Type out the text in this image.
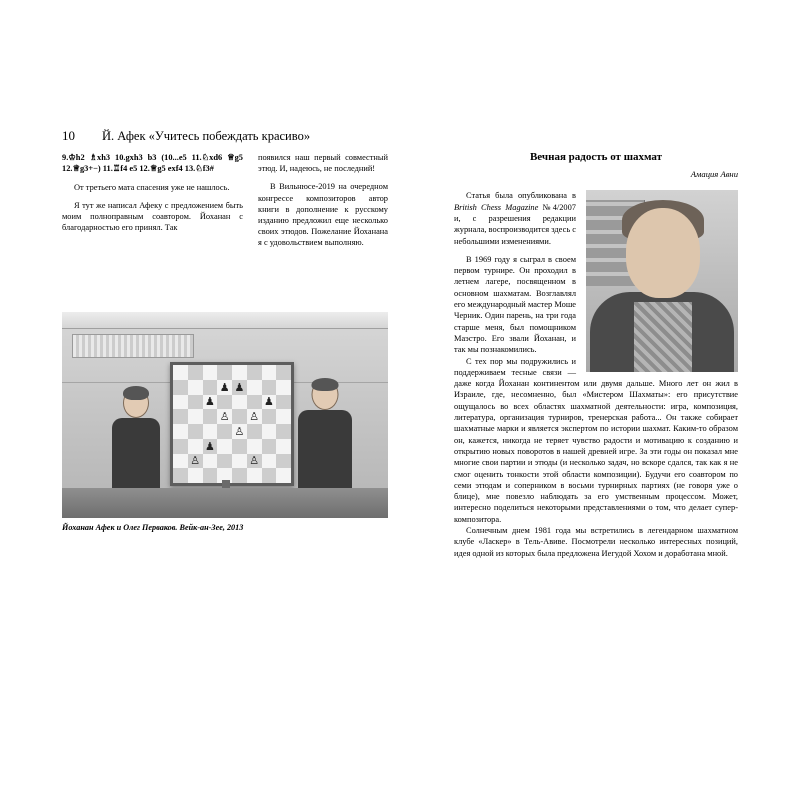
10	Й. Афек «Учитесь побеждать красиво»
9.♔h2 ♗xh3 10.gxh3 b3 (10...e5 11.♘xd6 ♕g5 12.♕g3+−) 11.♖f4 e5 12.♕g5 exf4 13.♘f3#

От третьего мата спасения уже не нашлось.

Я тут же написал Афеку с предложением быть моим полноправным соавтором. Йоханан с благодарностью его принял. Так

появился наш первый совместный этюд. И, надеюсь, не последний!

В Вильнюсе-2019 на очередном конгрессе композиторов автор книги в дополнение к русскому изданию предложил еще несколько своих этюдов. Пожелание Йоханана я с удовольствием выполняю.

♟ ♟
♟
♙ ♙
♙
♟
♙
♙
♟
Йоханан Афек и Олег Перваков. Вейк-ан-Зее, 2013
Вечная радость от шахмат
Амация Авни

Статья была опубликована в British Chess Magazine №4/2007 и, с разрешения редакции журнала, воспроизводится здесь с небольшими изменениями.

В 1969 году я сыграл в своем первом турнире. Он проходил в летнем лагере, посвященном в основном шахматам. Возглавлял его международный мастер Моше Черник. Один парень, на три года старше меня, был помощником Маэстро. Его звали Йоханан, и так мы познакомились.

С тех пор мы подружились и поддерживаем тесные связи — даже когда Йоханан континентом или двумя дальше. Много лет он жил в Израиле, где, несомненно, был «Мистером Шахматы»: его присутствие ощущалось во всех областях шахматной деятельности: игра, композиция, литература, организация турниров, тренерская работа... Он также собирает шахматные марки и является экспертом по истории шахмат. Каким-то образом он, кажется, никогда не теряет чувство радости и мотивацию к созданию и открытию новых поворотов в нашей древней игре. За эти годы он показал мне многие свои партии и этюды (и несколько задач, но вскоре сдался, так как я не смог оценить тонкости этой области композиции). Будучи его соавтором по семи этюдам и соперником в восьми турнирных партиях (не говоря уже о блице), мне повезло наблюдать за его умственным процессом. Может, интересно поделиться некоторыми представлениями о том, что делает супер-композитора.

Солнечным днем 1981 года мы встретились в легендарном шахматном клубе «Ласкер» в Тель-Авиве. Посмотрели несколько интересных позиций, идея одной из которых была предложена Иегудой Хохом и доработана мной.
